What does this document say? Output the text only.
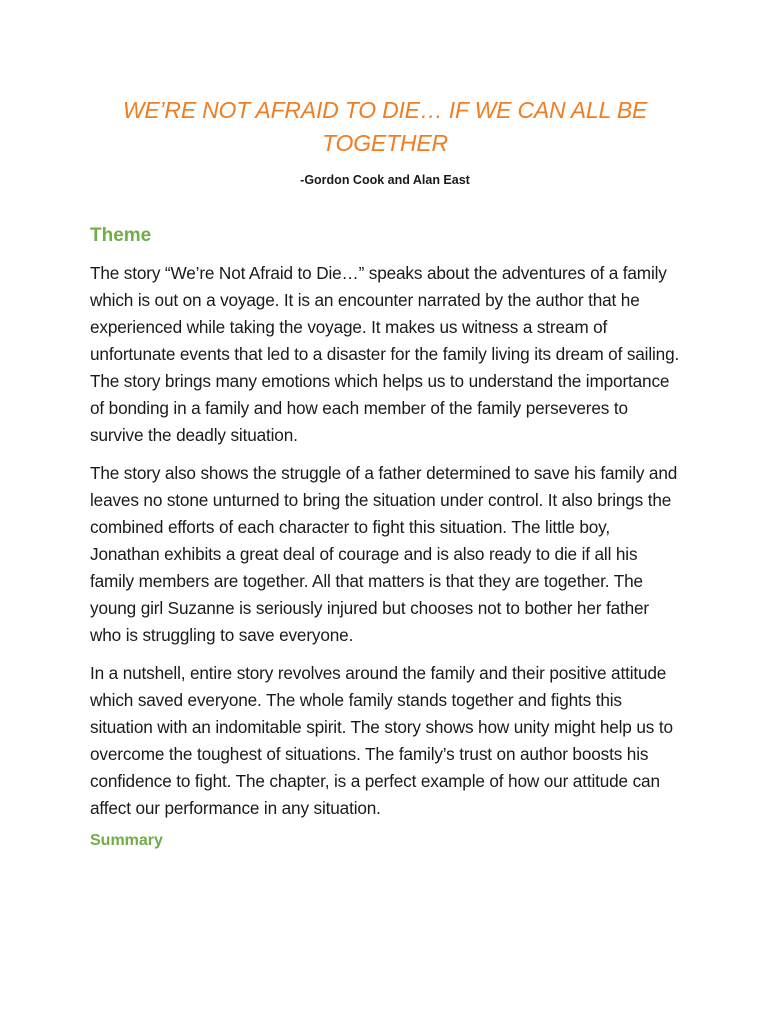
WE’RE NOT AFRAID TO DIE… IF WE CAN ALL BE TOGETHER
-Gordon Cook and Alan East
Theme

The story “We’re Not Afraid to Die…” speaks about the adventures of a family which is out on a voyage. It is an encounter narrated by the author that he experienced while taking the voyage. It makes us witness a stream of unfortunate events that led to a disaster for the family living its dream of sailing. The story brings many emotions which helps us to understand the importance of bonding in a family and how each member of the family perseveres to survive the deadly situation.

The story also shows the struggle of a father determined to save his family and leaves no stone unturned to bring the situation under control. It also brings the combined efforts of each character to fight this situation. The little boy, Jonathan exhibits a great deal of courage and is also ready to die if all his family members are together. All that matters is that they are together. The young girl Suzanne is seriously injured but chooses not to bother her father who is struggling to save everyone.

In a nutshell, entire story revolves around the family and their positive attitude which saved everyone. The whole family stands together and fights this situation with an indomitable spirit. The story shows how unity might help us to overcome the toughest of situations. The family’s trust on author boosts his confidence to fight. The chapter, is a perfect example of how our attitude can affect our performance in any situation.

Summary
